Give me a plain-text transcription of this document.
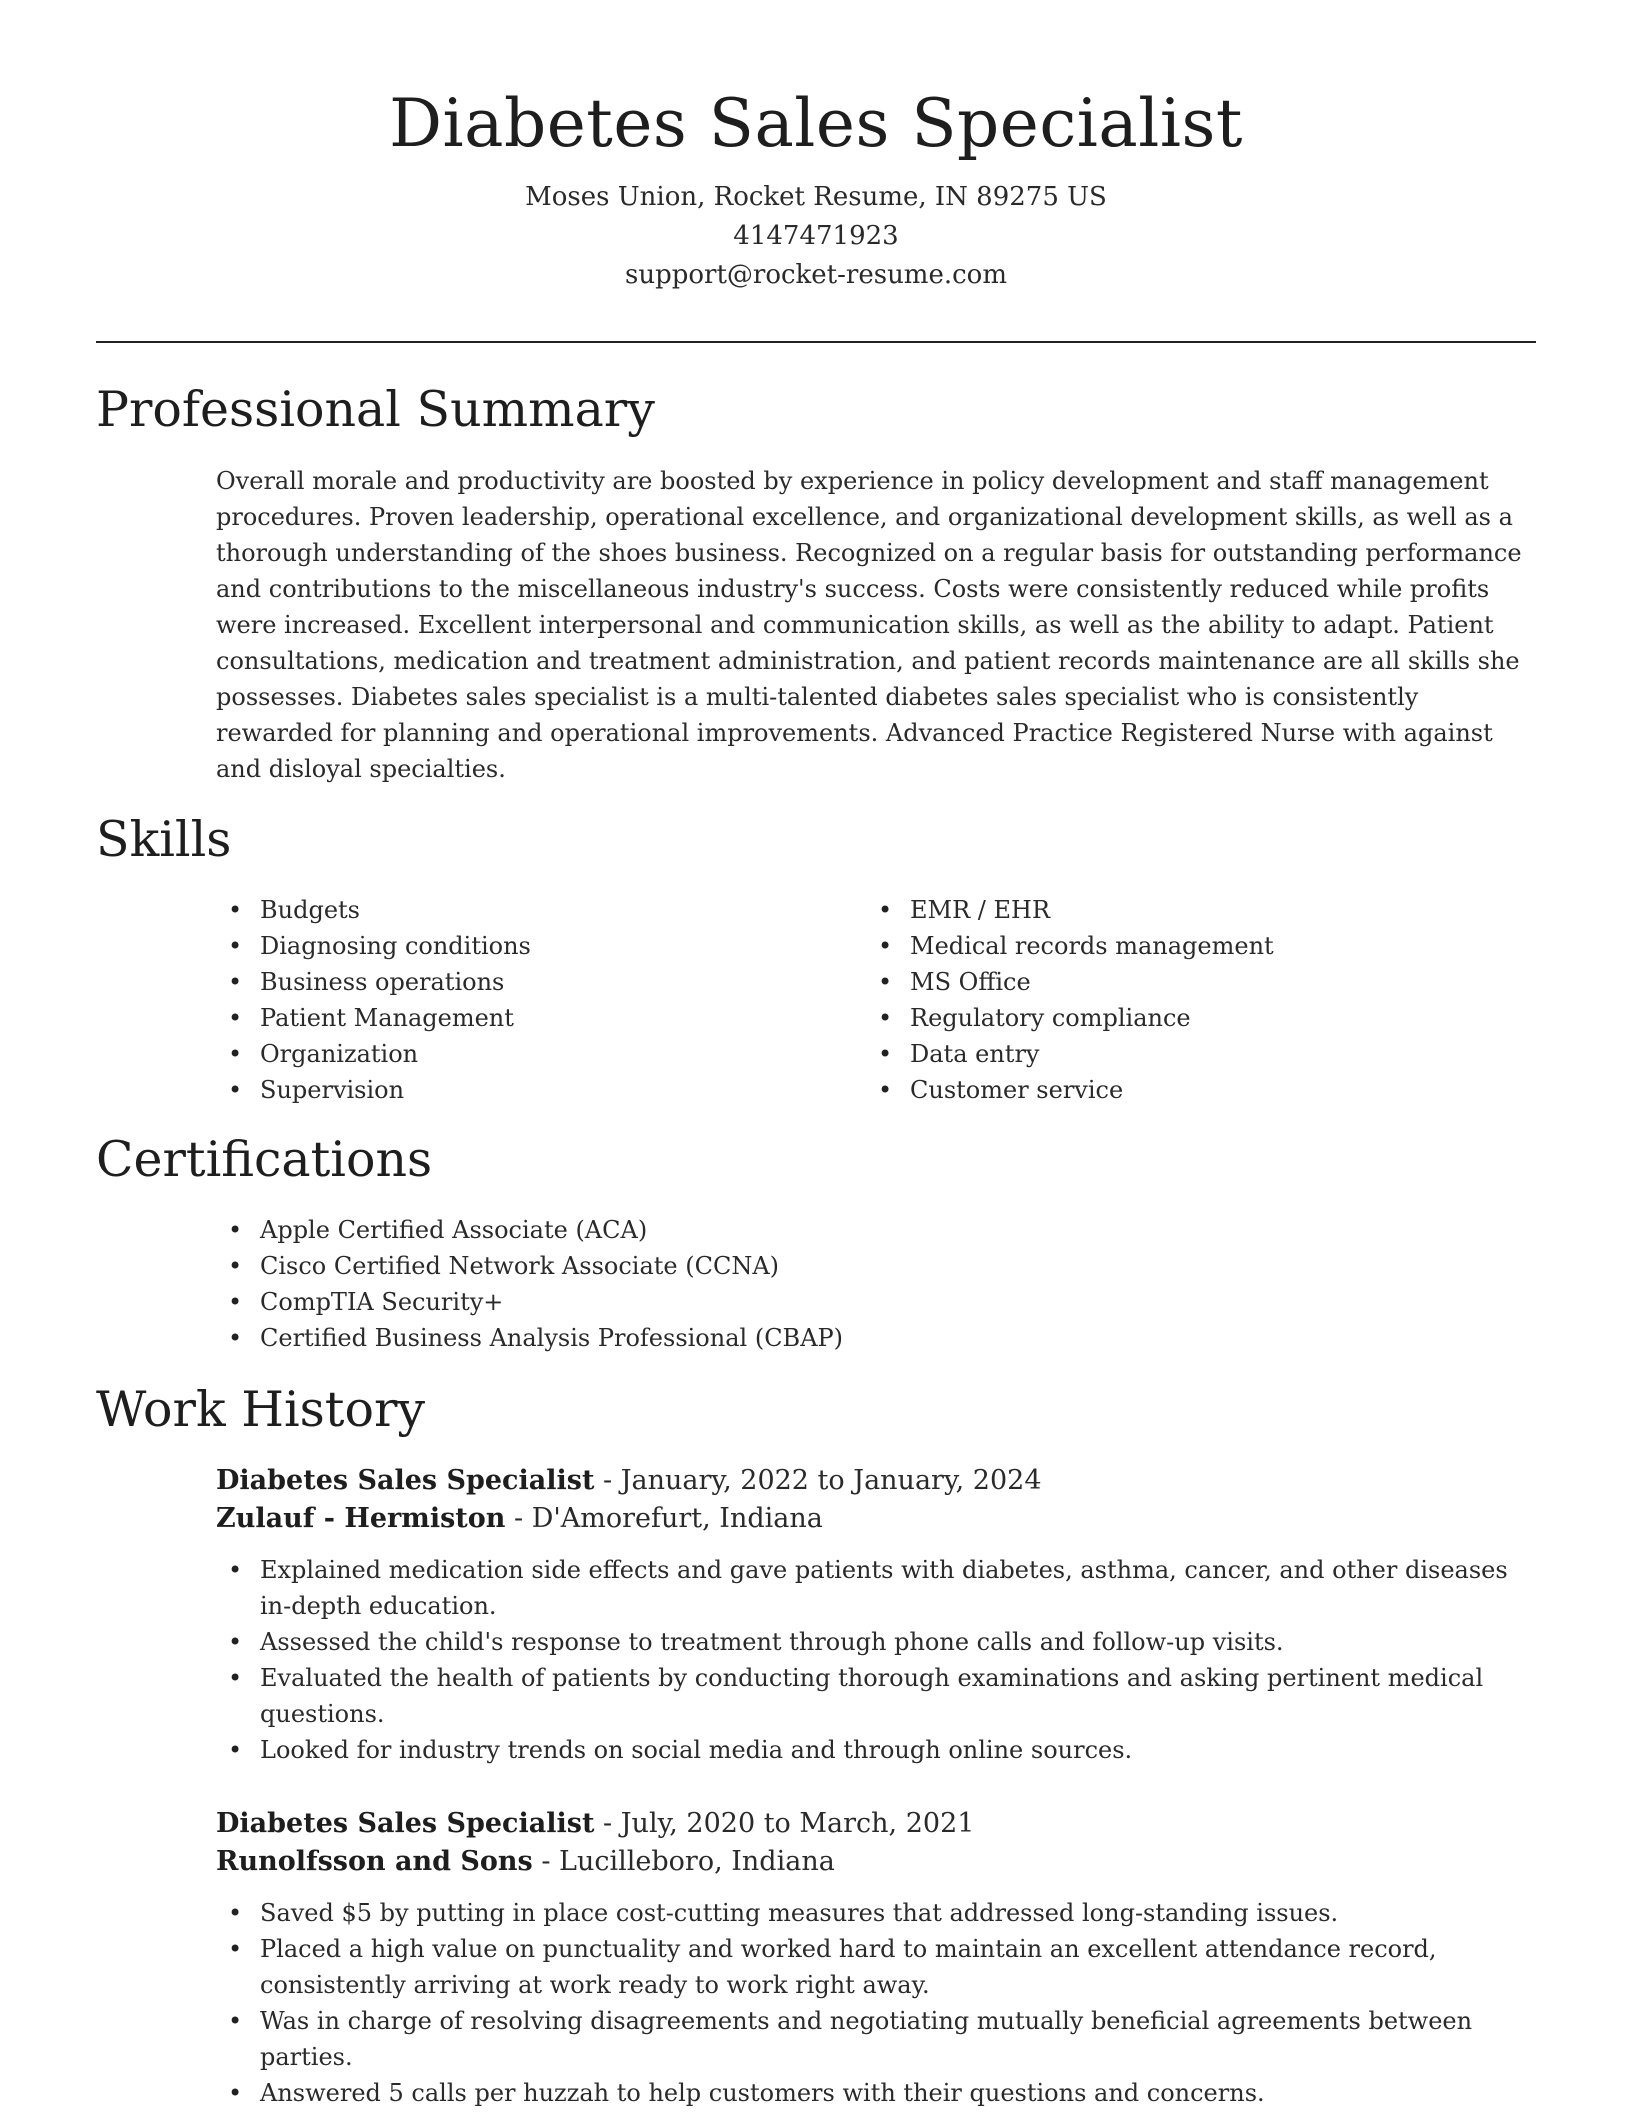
Diabetes Sales Specialist
Moses Union, Rocket Resume, IN 89275 US
4147471923
support@rocket-resume.com
Professional Summary

Overall morale and productivity are boosted by experience in policy development and staff management procedures. Proven leadership, operational excellence, and organizational development skills, as well as a thorough understanding of the shoes business. Recognized on a regular basis for outstanding performance and contributions to the miscellaneous industry's success. Costs were consistently reduced while profits were increased. Excellent interpersonal and communication skills, as well as the ability to adapt. Patient consultations, medication and treatment administration, and patient records maintenance are all skills she possesses. Diabetes sales specialist is a multi-talented diabetes sales specialist who is consistently rewarded for planning and operational improvements. Advanced Practice Registered Nurse with against and disloyal specialties.

Skills
• Budgets
• Diagnosing conditions
• Business operations
• Patient Management
• Organization
• Supervision
• EMR / EHR
• Medical records management
• MS Office
• Regulatory compliance
• Data entry
• Customer service
Certifications
• Apple Certified Associate (ACA)
• Cisco Certified Network Associate (CCNA)
• CompTIA Security+
• Certified Business Analysis Professional (CBAP)
Work History
Diabetes Sales Specialist - January, 2022 to January, 2024
Zulauf - Hermiston - D'Amorefurt, Indiana
• Explained medication side effects and gave patients with diabetes, asthma, cancer, and other diseases in-depth education.
• Assessed the child's response to treatment through phone calls and follow-up visits.
• Evaluated the health of patients by conducting thorough examinations and asking pertinent medical questions.
• Looked for industry trends on social media and through online sources.
Diabetes Sales Specialist - July, 2020 to March, 2021
Runolfsson and Sons - Lucilleboro, Indiana
• Saved $5 by putting in place cost-cutting measures that addressed long-standing issues.
• Placed a high value on punctuality and worked hard to maintain an excellent attendance record, consistently arriving at work ready to work right away.
• Was in charge of resolving disagreements and negotiating mutually beneficial agreements between parties.
• Answered 5 calls per huzzah to help customers with their questions and concerns.
